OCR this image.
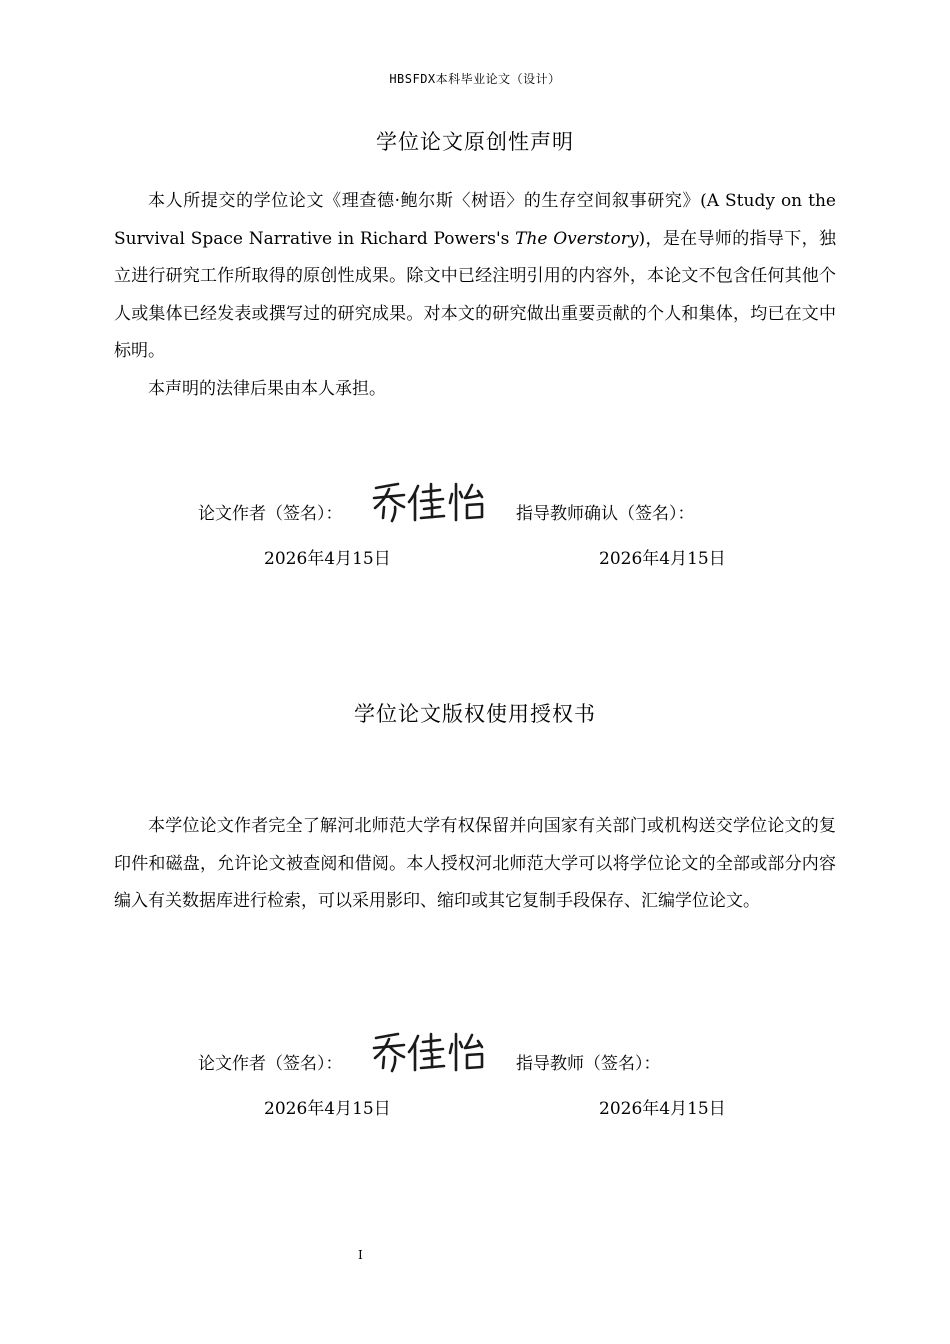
HBSFDX本科毕业论文（设计）
学位论文原创性声明

本人所提交的学位论文《理查德·鲍尔斯〈树语〉的生存空间叙事研究》(A Study on the Survival Space Narrative in Richard Powers's The Overstory)，是在导师的指导下，独立进行研究工作所取得的原创性成果。除文中已经注明引用的内容外，本论文不包含任何其他个人或集体已经发表或撰写过的研究成果。对本文的研究做出重要贡献的个人和集体，均已在文中标明。

本声明的法律后果由本人承担。

论文作者（签名）：	指导教师确认（签名）：
2026年4月15日	2026年4月15日
学位论文版权使用授权书

本学位论文作者完全了解河北师范大学有权保留并向国家有关部门或机构送交学位论文的复印件和磁盘，允许论文被查阅和借阅。本人授权河北师范大学可以将学位论文的全部或部分内容编入有关数据库进行检索，可以采用影印、缩印或其它复制手段保存、汇编学位论文。

论文作者（签名）：	指导教师（签名）：
2026年4月15日	2026年4月15日
I
